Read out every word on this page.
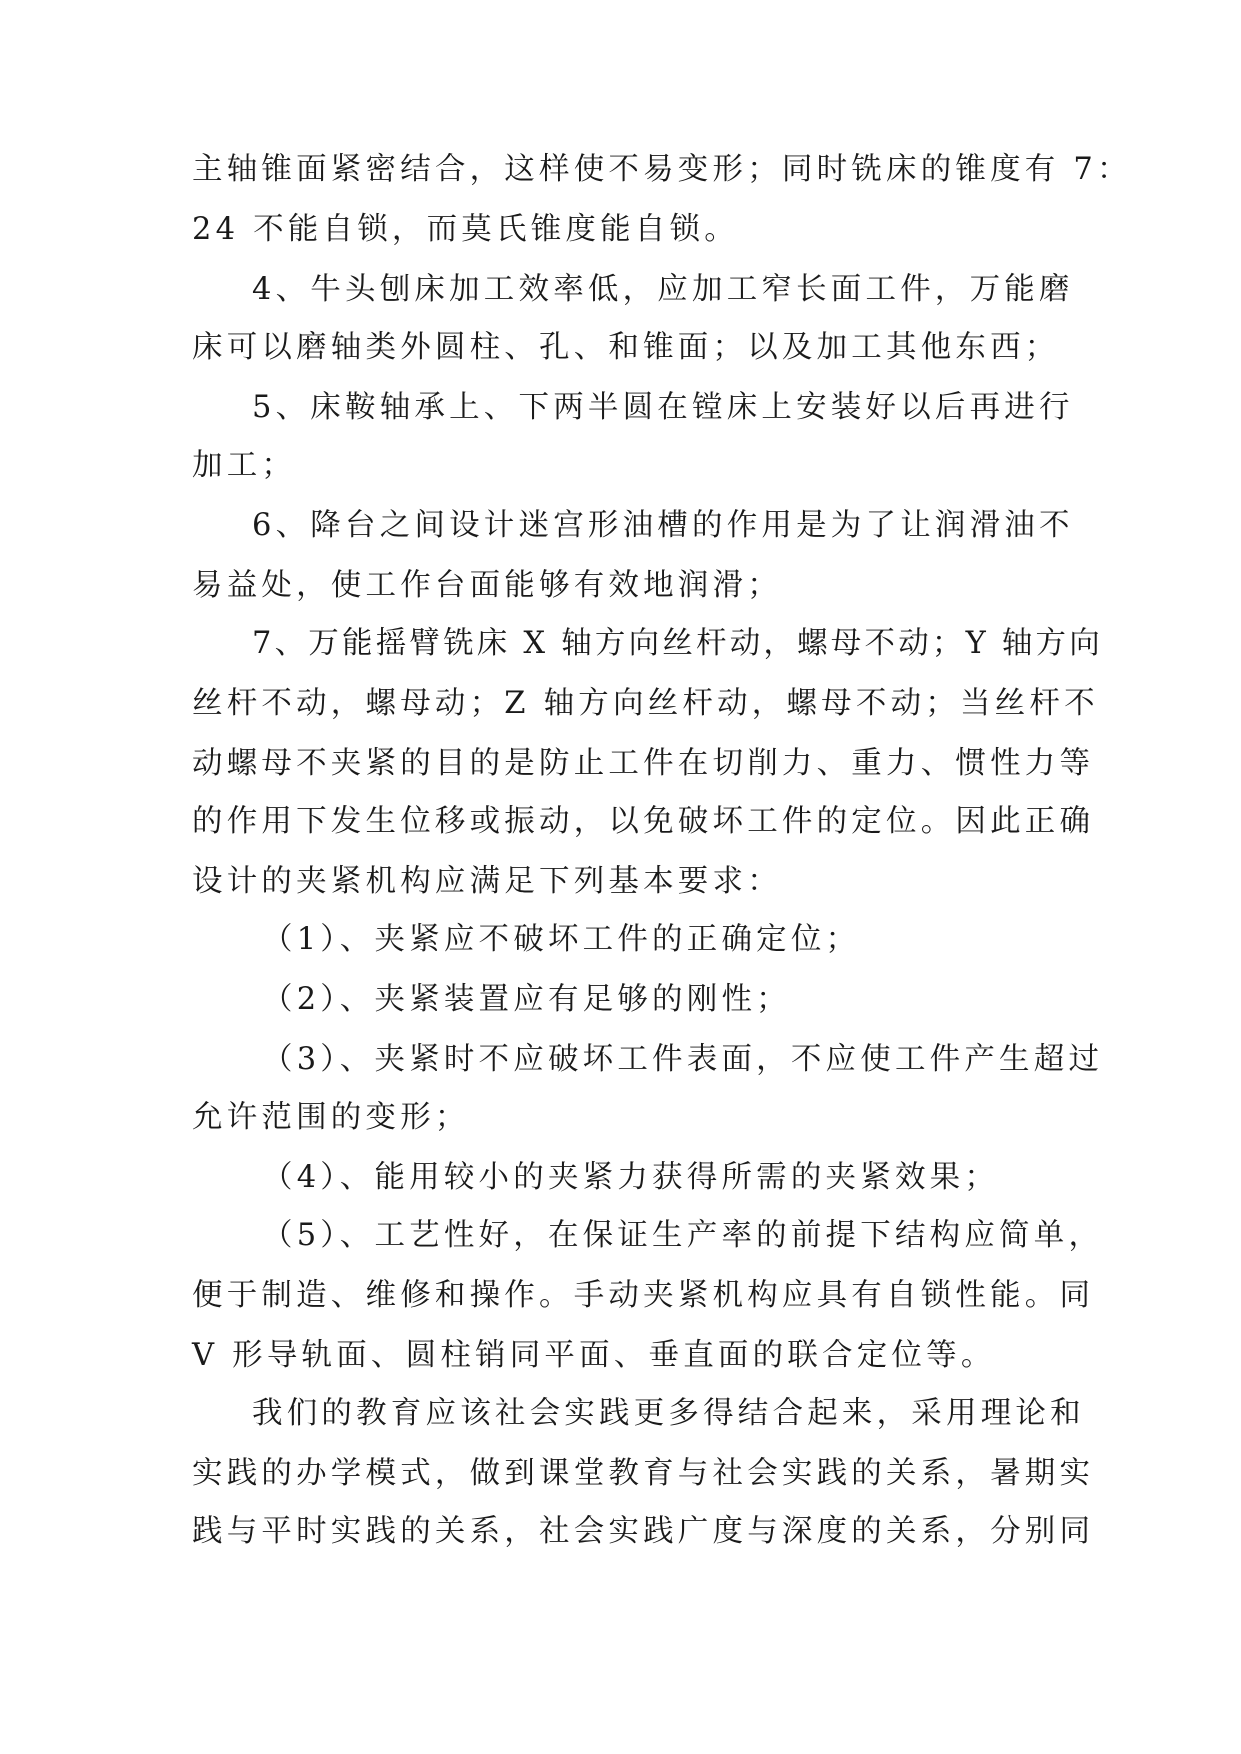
主轴锥面紧密结合，这样使不易变形；同时铣床的锥度有 7：
24 不能自锁，而莫氏锥度能自锁。
4、牛头刨床加工效率低，应加工窄长面工件，万能磨
床可以磨轴类外圆柱、孔、和锥面；以及加工其他东西；
5、床鞍轴承上、下两半圆在镗床上安装好以后再进行
加工；
6、降台之间设计迷宫形油槽的作用是为了让润滑油不
易益处，使工作台面能够有效地润滑；
7、万能摇臂铣床 X 轴方向丝杆动，螺母不动；Y 轴方向
丝杆不动，螺母动；Z 轴方向丝杆动，螺母不动；当丝杆不
动螺母不夹紧的目的是防止工件在切削力、重力、惯性力等
的作用下发生位移或振动，以免破坏工件的定位。因此正确
设计的夹紧机构应满足下列基本要求：
（1）、夹紧应不破坏工件的正确定位；
（2）、夹紧装置应有足够的刚性；
（3）、夹紧时不应破坏工件表面，不应使工件产生超过
允许范围的变形；
（4）、能用较小的夹紧力获得所需的夹紧效果；
（5）、工艺性好，在保证生产率的前提下结构应简单，
便于制造、维修和操作。手动夹紧机构应具有自锁性能。同
V 形导轨面、圆柱销同平面、垂直面的联合定位等。
我们的教育应该社会实践更多得结合起来，采用理论和
实践的办学模式，做到课堂教育与社会实践的关系，暑期实
践与平时实践的关系，社会实践广度与深度的关系，分别同
